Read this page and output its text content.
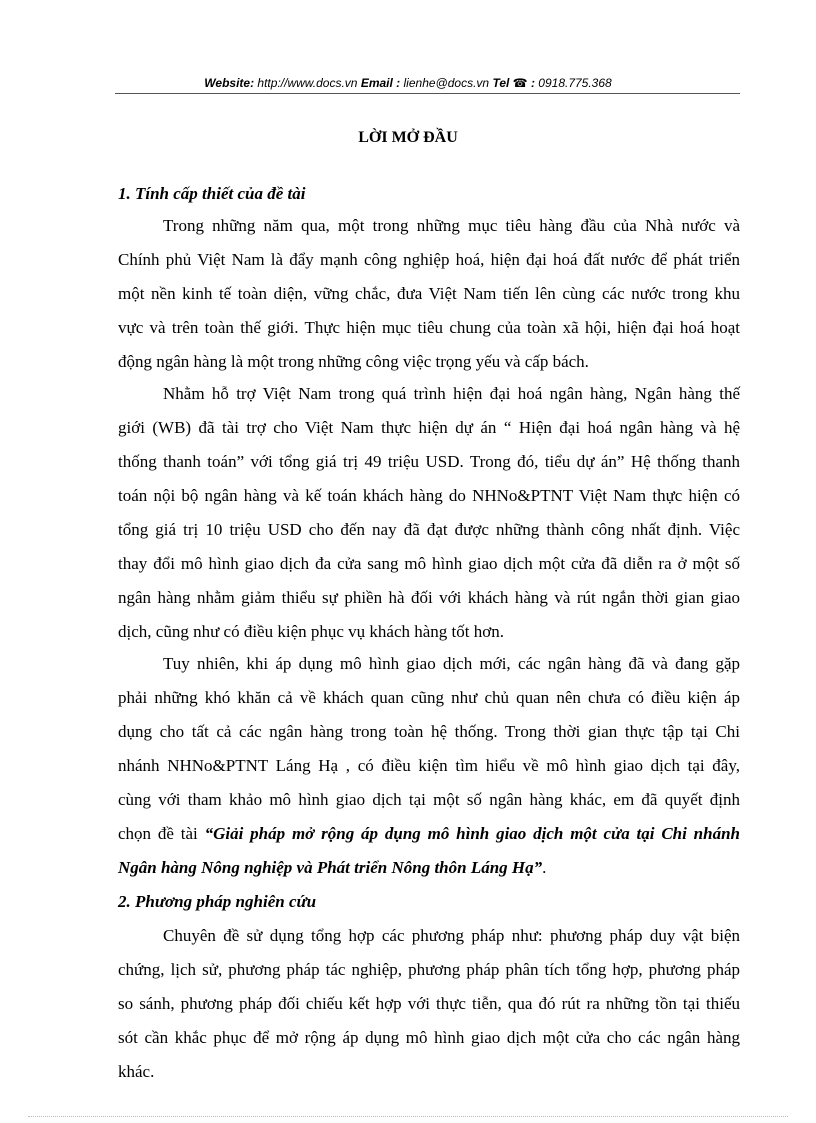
Website: http://www.docs.vn Email : lienhe@docs.vn Tel ☎ : 0918.775.368
LỜI MỞ ĐẦU
1. Tính cấp thiết của đề tài
Trong những năm qua, một trong những mục tiêu hàng đầu của Nhà nước và
Chính phủ Việt Nam là đẩy mạnh công nghiệp hoá, hiện đại hoá đất nước để phát triển
một nền kinh tế toàn diện, vững chắc, đưa Việt Nam tiến lên cùng các nước trong khu
vực và trên toàn thế giới. Thực hiện mục tiêu chung của toàn xã hội, hiện đại hoá hoạt
động ngân hàng là một trong những công việc trọng yếu và cấp bách.
Nhằm hỗ trợ Việt Nam trong quá trình hiện đại hoá ngân hàng, Ngân hàng thế
giới (WB) đã tài trợ cho Việt Nam thực hiện dự án “ Hiện đại hoá ngân hàng và hệ
thống thanh toán” với tổng giá trị 49 triệu USD. Trong đó, tiểu dự án” Hệ thống thanh
toán nội bộ ngân hàng và kế toán khách hàng do NHNo&PTNT Việt Nam thực hiện có
tổng giá trị 10 triệu USD cho đến nay đã đạt được những thành công nhất định. Việc
thay đổi mô hình giao dịch đa cửa sang mô hình giao dịch một cửa đã diễn ra ở một số
ngân hàng nhằm giảm thiểu sự phiền hà đối với khách hàng và rút ngắn thời gian giao
dịch, cũng như có điều kiện phục vụ khách hàng tốt hơn.
Tuy nhiên, khi áp dụng mô hình giao dịch mới, các ngân hàng đã và đang gặp
phải những khó khăn cả về khách quan cũng như chủ quan nên chưa có điều kiện áp
dụng cho tất cả các ngân hàng trong toàn hệ thống. Trong thời gian thực tập tại Chi
nhánh NHNo&PTNT Láng Hạ , có điều kiện tìm hiểu về mô hình giao dịch tại đây,
cùng với tham khảo mô hình giao dịch tại một số ngân hàng khác, em đã quyết định
chọn đề tài “Giải pháp mở rộng áp dụng mô hình giao dịch một cửa tại Chi nhánh
Ngân hàng Nông nghiệp và Phát triển Nông thôn Láng Hạ”.
2. Phương pháp nghiên cứu
Chuyên đề sử dụng tổng hợp các phương pháp như: phương pháp duy vật biện
chứng, lịch sử, phương pháp tác nghiệp, phương pháp phân tích tổng hợp, phương pháp
so sánh, phương pháp đối chiếu kết hợp với thực tiễn, qua đó rút ra những tồn tại thiếu
sót cần khắc phục để mở rộng áp dụng mô hình giao dịch một cửa cho các ngân hàng
khác.
